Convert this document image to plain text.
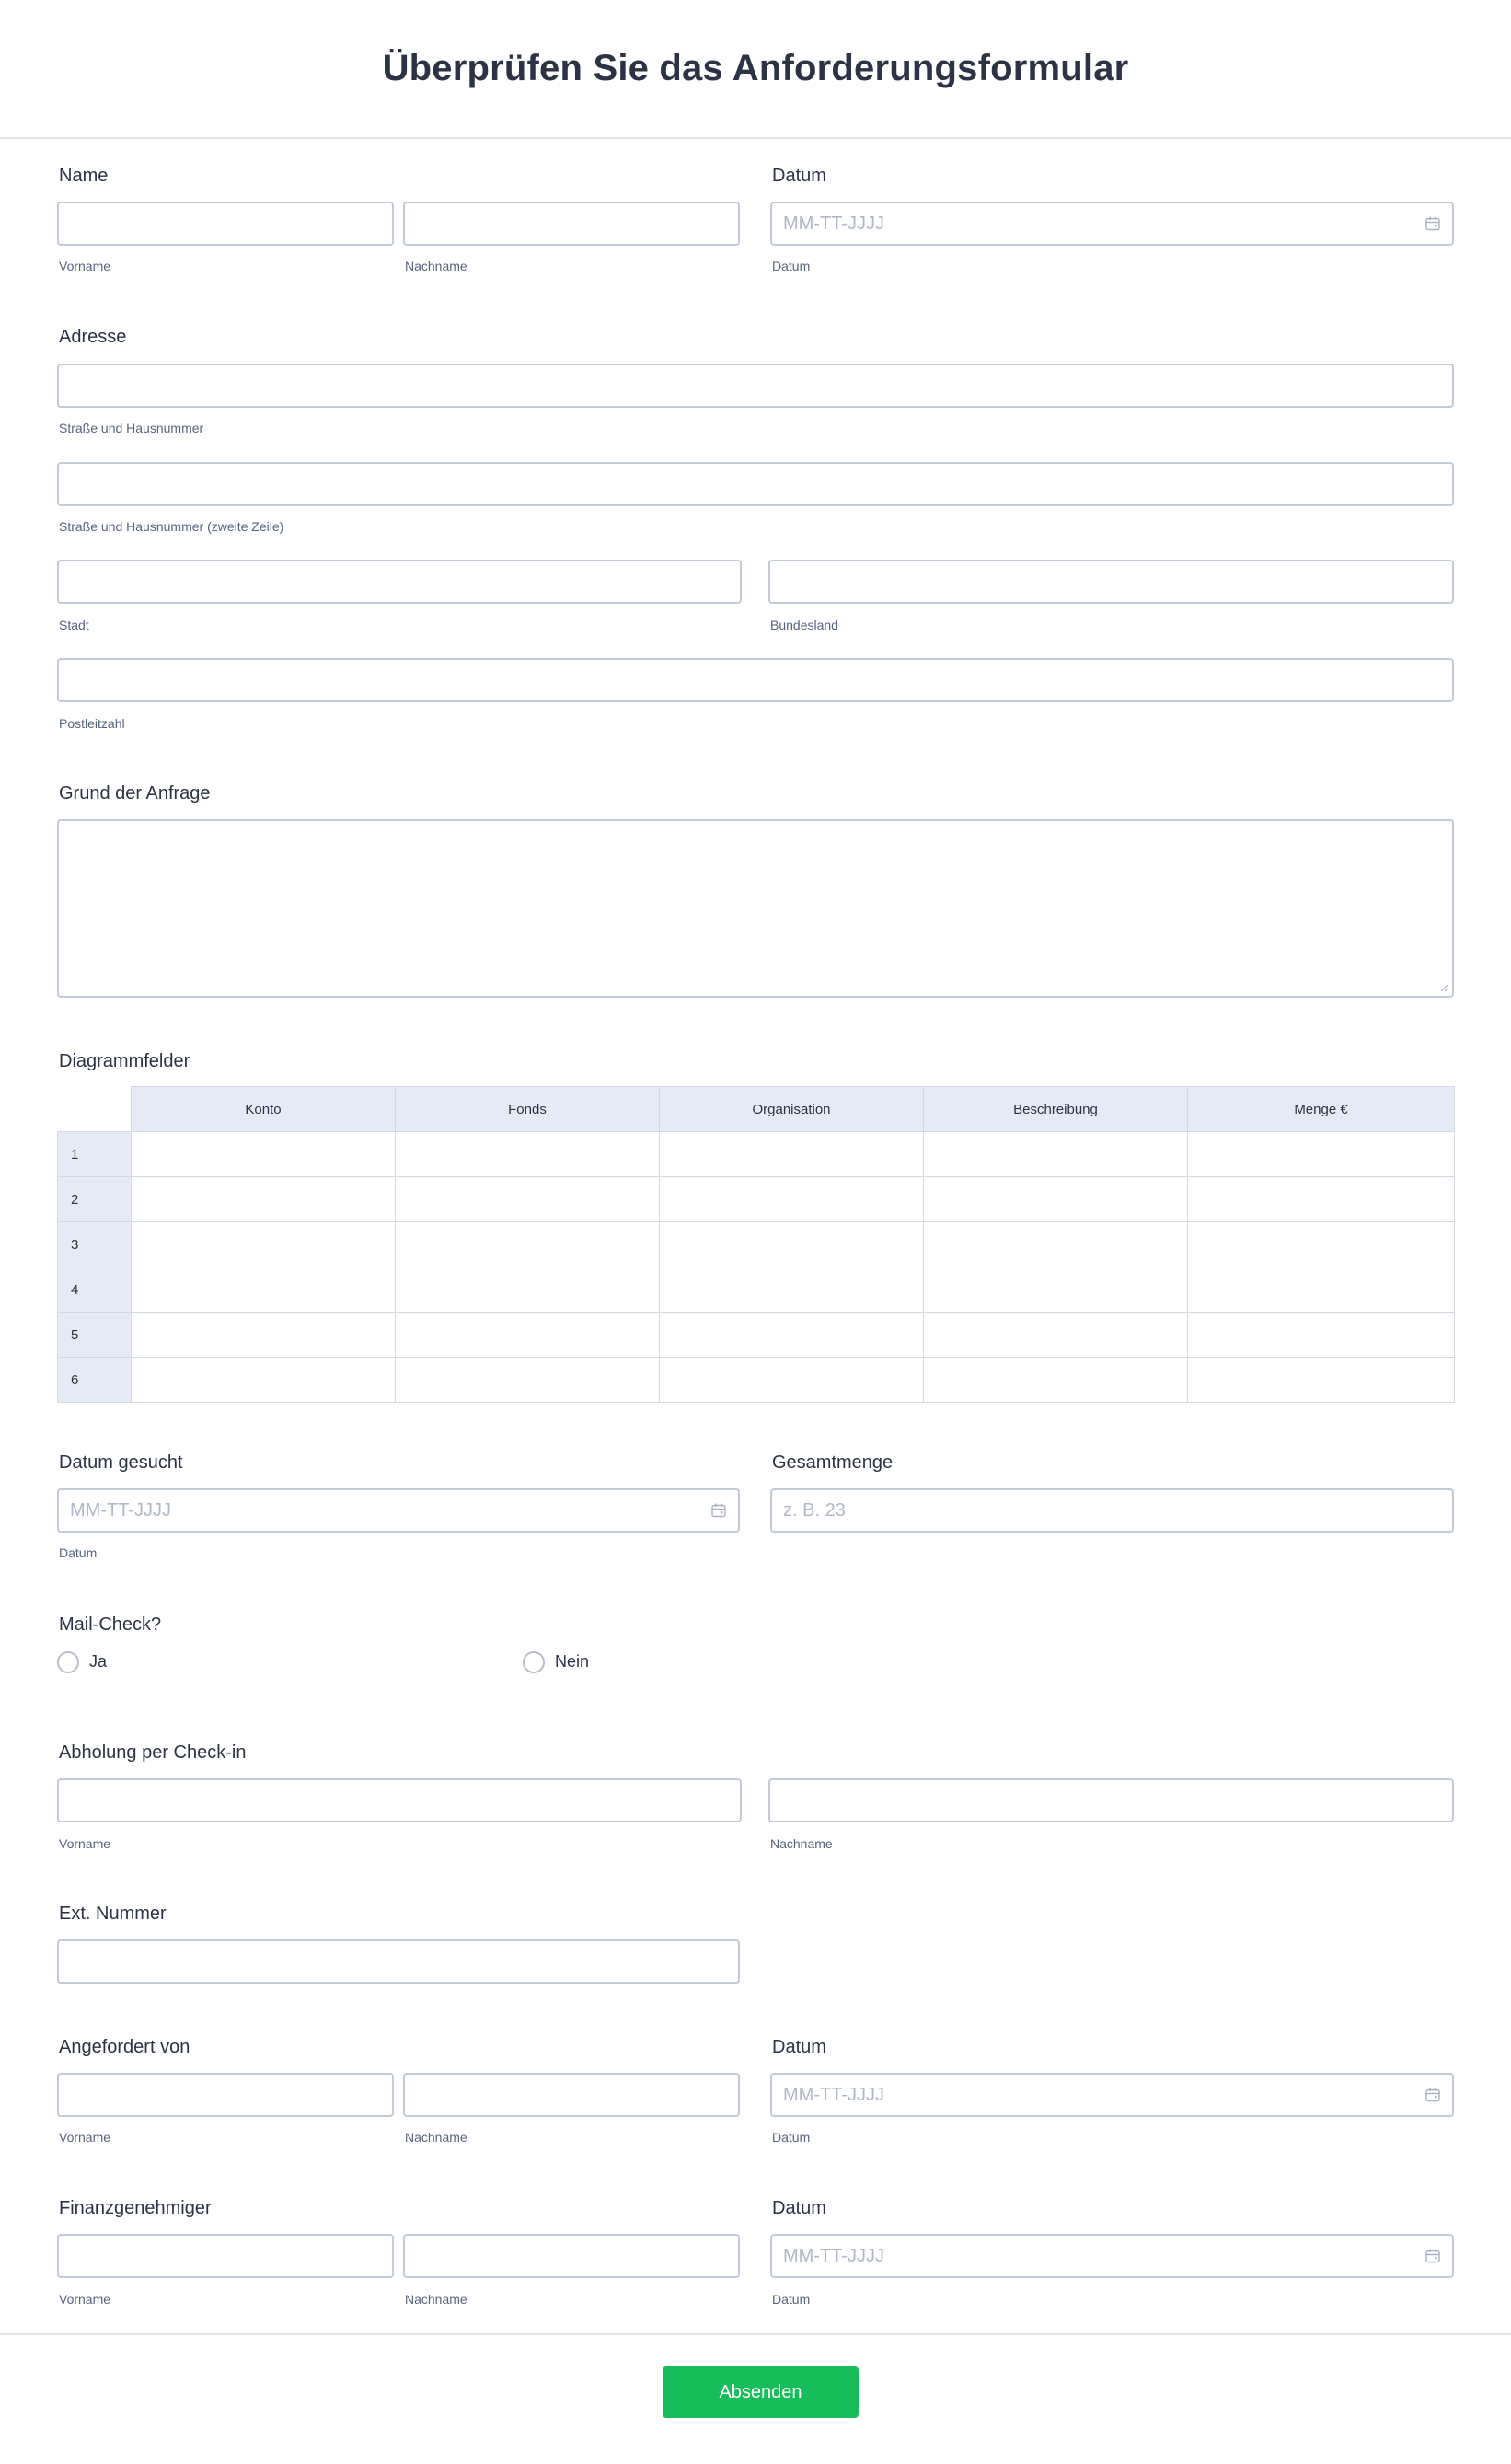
Überprüfen Sie das Anforderungsformular
Name
Vorname	Nachname
Datum
MM-TT-JJJJ
Datum
Adresse
Straße und Hausnummer
Straße und Hausnummer (zweite Zeile)
Stadt	Bundesland
Postleitzahl
Grund der Anfrage
Diagrammfelder
	Konto	Fonds	Organisation	Beschreibung	Menge €
1					
2					
3					
4					
5					
6					
Datum gesucht
MM-TT-JJJJ
Datum
Gesamtmenge
z. B. 23
Mail-Check?
Ja	Nein
Abholung per Check-in
Vorname	Nachname
Ext. Nummer
Angefordert von
Vorname	Nachname
Datum
MM-TT-JJJJ
Datum
Finanzgenehmiger
Vorname	Nachname
Datum
MM-TT-JJJJ
Datum
Absenden
